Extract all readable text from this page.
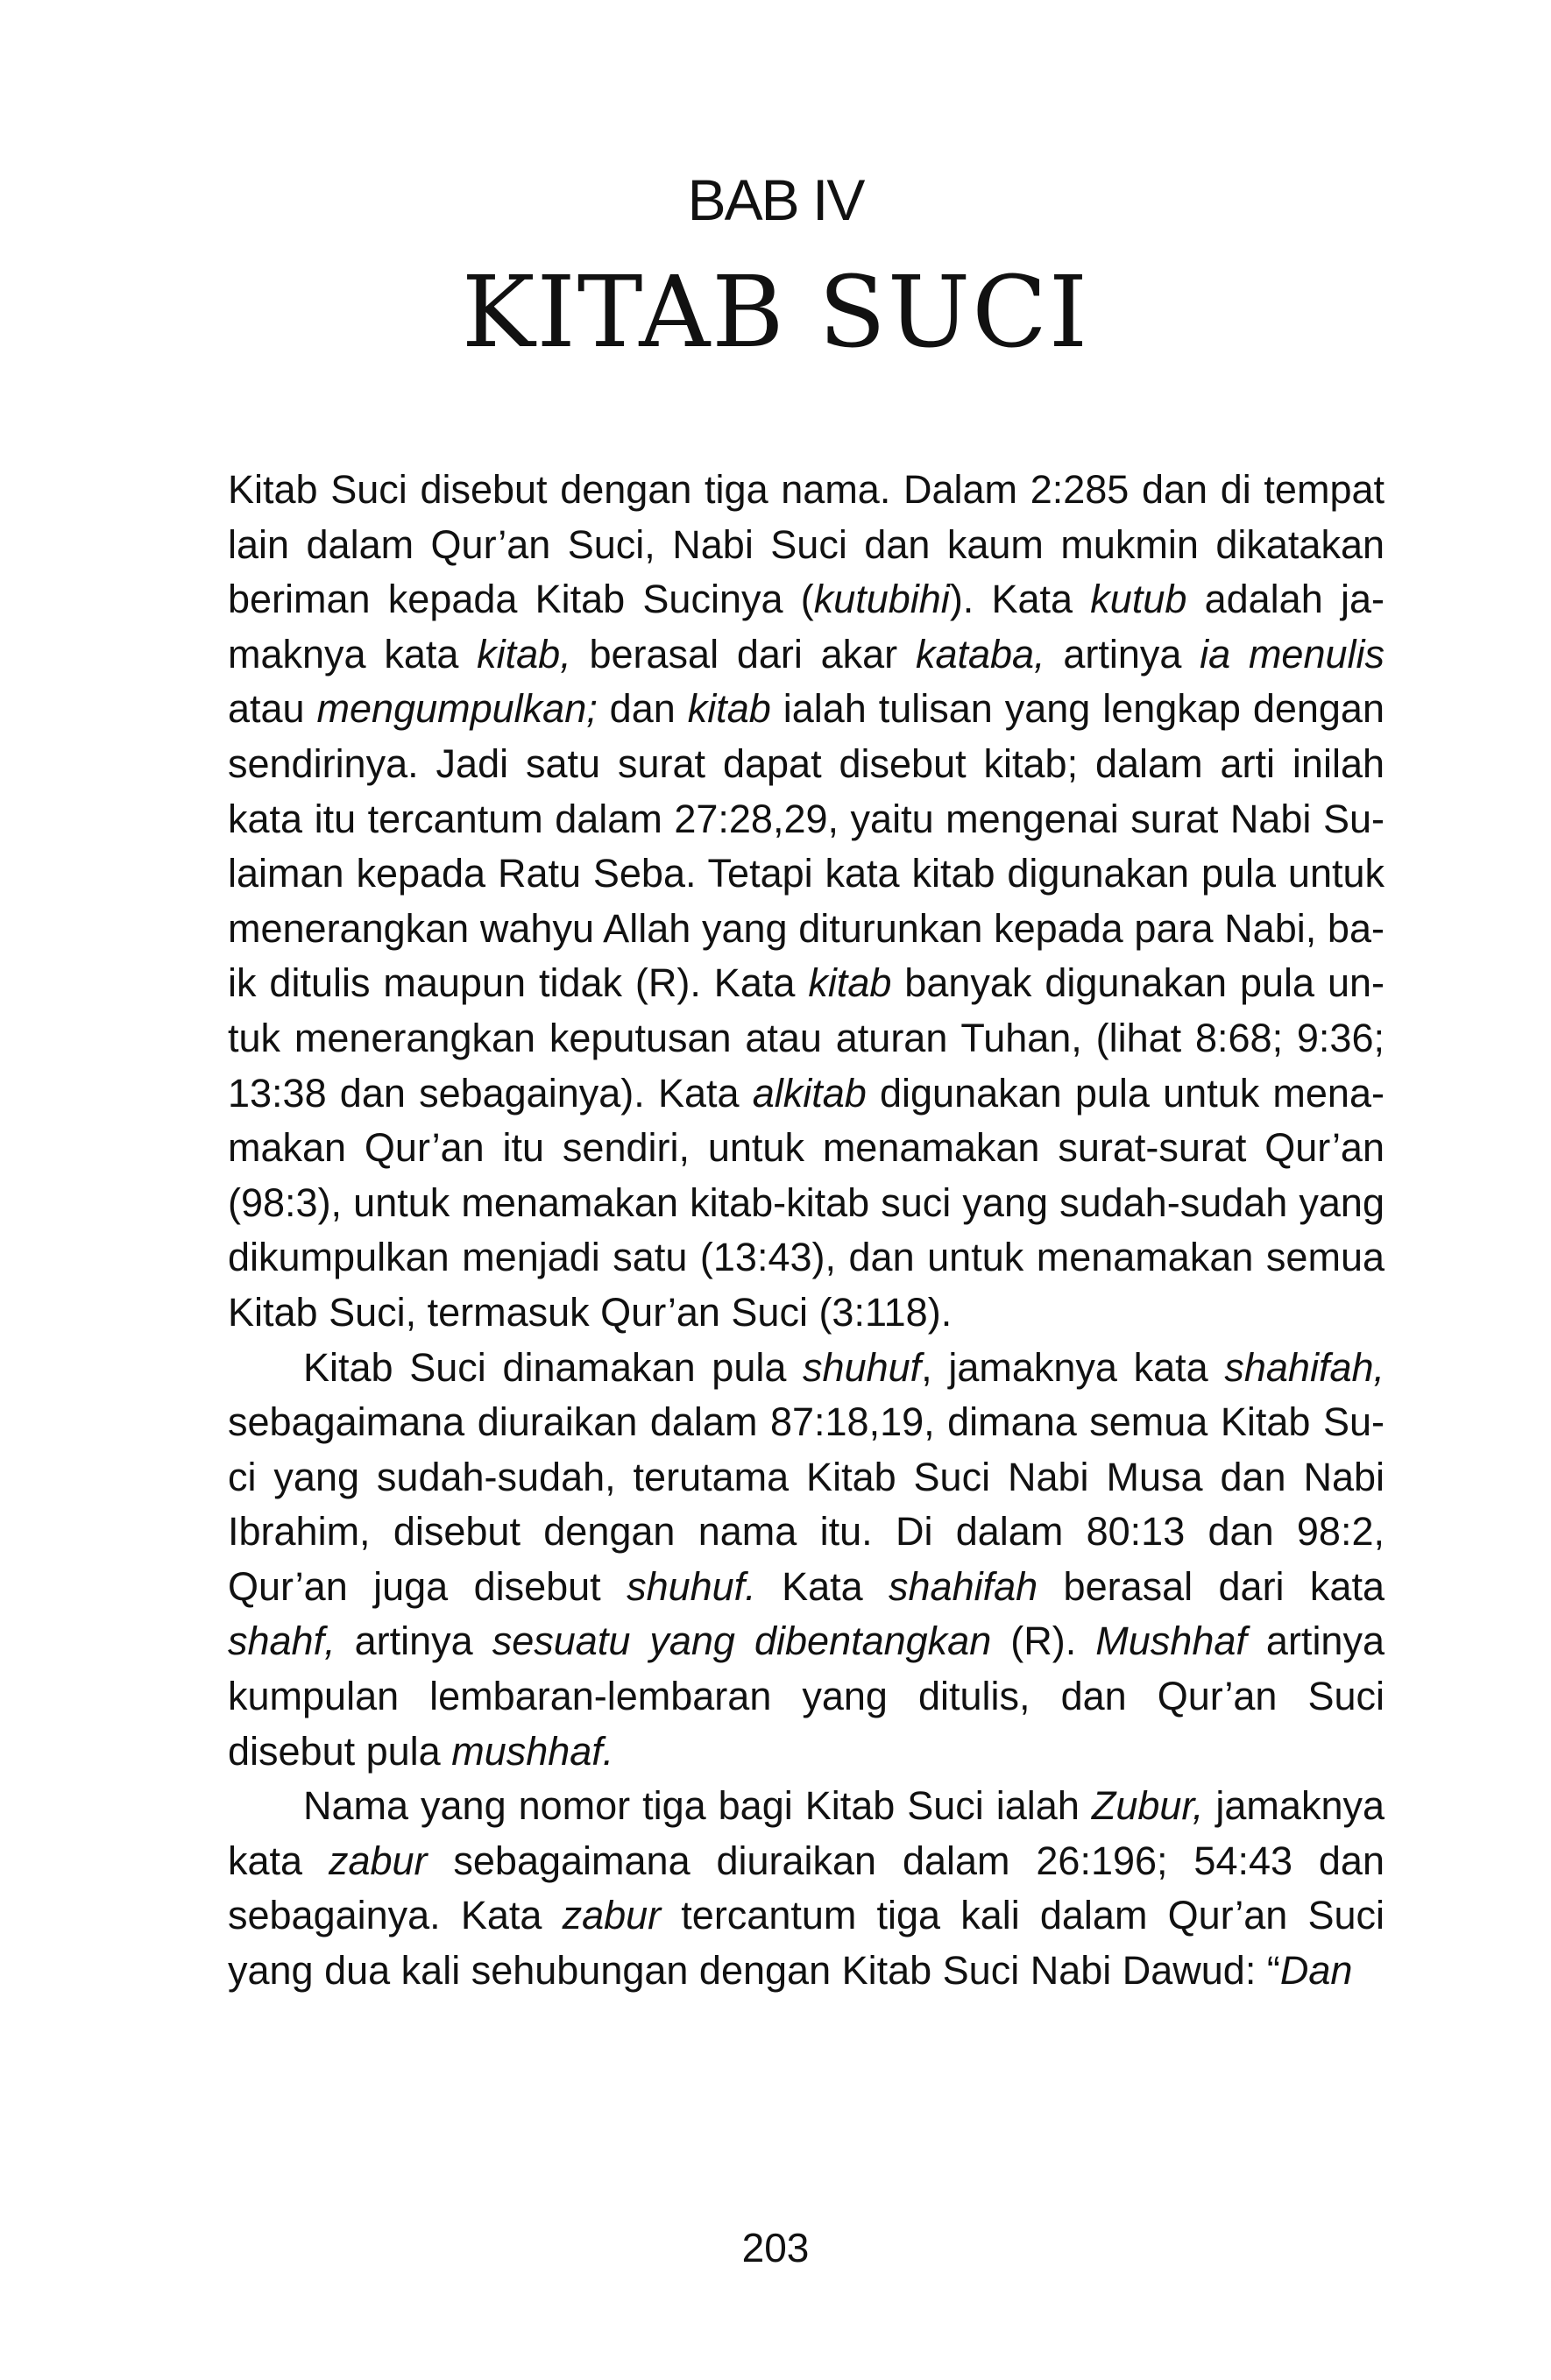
BAB IV
KITAB SUCI

Kitab Suci disebut dengan tiga nama. Dalam 2:285 dan di tempat lain dalam Qur’an Suci, Nabi Suci dan kaum mukmin dikatakan beriman kepada Kitab Sucinya (kutubihi). Kata kutub adalah jamaknya kata kitab, berasal dari akar kataba, artinya ia menulis atau mengumpulkan; dan kitab ialah tulisan yang lengkap dengan sendirinya. Jadi satu surat dapat disebut kitab; dalam arti inilah kata itu tercantum dalam 27:28,29, yaitu mengenai surat Nabi Sulaiman kepada Ratu Seba. Tetapi kata kitab digunakan pula untuk menerangkan wahyu Allah yang diturunkan kepada para Nabi, baik ditulis maupun tidak (R). Kata kitab banyak digunakan pula untuk menerangkan keputusan atau aturan Tuhan, (lihat 8:68; 9:36; 13:38 dan sebagainya). Kata alkitab digunakan pula untuk menamakan Qur’an itu sendiri, untuk menamakan surat-surat Qur’an (98:3), untuk menamakan kitab-kitab suci yang sudah-sudah yang dikumpulkan menjadi satu (13:43), dan untuk menamakan semua Kitab Suci, termasuk Qur’an Suci (3:118).

Kitab Suci dinamakan pula shuhuf, jamaknya kata shahifah, sebagaimana diuraikan dalam 87:18,19, dimana semua Kitab Suci yang sudah-sudah, terutama Kitab Suci Nabi Musa dan Nabi Ibrahim, disebut dengan nama itu. Di dalam 80:13 dan 98:2, Qur’an juga disebut shuhuf. Kata shahifah berasal dari kata shahf, artinya sesuatu yang dibentangkan (R). Mushhaf artinya kumpulan lembaran-lembaran yang ditulis, dan Qur’an Suci disebut pula mushhaf.

Nama yang nomor tiga bagi Kitab Suci ialah Zubur, jamaknya kata zabur sebagaimana diuraikan dalam 26:196; 54:43 dan sebagainya. Kata zabur tercantum tiga kali dalam Qur’an Suci yang dua kali sehubungan dengan Kitab Suci Nabi Dawud: “Dan

203
